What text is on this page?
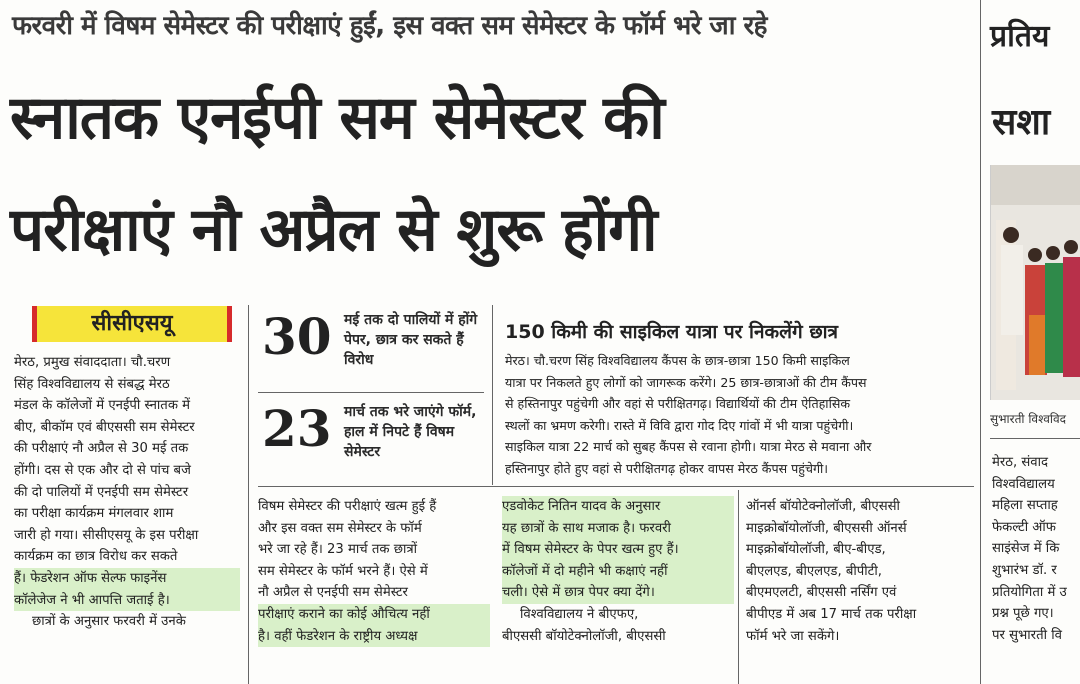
फरवरी में विषम सेमेस्टर की परीक्षाएं हुईं, इस वक्त सम सेमेस्टर के फॉर्म भरे जा रहे
स्नातक एनईपी सम सेमेस्टर की
परीक्षाएं नौ अप्रैल से शुरू होंगी
प्रतिय
सशा
सुभारती विश्वविद
मेरठ, संवाद
विश्वविद्यालय
महिला सप्ताह
फेकल्टी ऑफ
साइंसेज में कि
शुभारंभ डॉ. र
प्रतियोगिता में उ
प्रश्न पूछे गए।
पर सुभारती वि
सीसीएसयू
मेरठ, प्रमुख संवाददाता। चौ.चरण
सिंह विश्वविद्यालय से संबद्ध मेरठ
मंडल के कॉलेजों में एनईपी स्नातक में
बीए, बीकॉम एवं बीएससी सम सेमेस्टर
की परीक्षाएं नौ अप्रैल से 30 मई तक
होंगी। दस से एक और दो से पांच बजे
की दो पालियों में एनईपी सम सेमेस्टर
का परीक्षा कार्यक्रम मंगलवार शाम
जारी हो गया। सीसीएसयू के इस परीक्षा
कार्यक्रम का छात्र विरोध कर सकते
हैं। फेडरेशन ऑफ सेल्फ फाइनेंस
कॉलेजेज ने भी आपत्ति जताई है।
छात्रों के अनुसार फरवरी में उनके
30 मई तक दो पालियों में होंगे पेपर, छात्र कर सकते हैं विरोध
23 मार्च तक भरे जाएंगे फॉर्म, हाल में निपटे हैं विषम सेमेस्टर
150 किमी की साइकिल यात्रा पर निकलेंगे छात्र
मेरठ। चौ.चरण सिंह विश्वविद्यालय कैंपस के छात्र-छात्रा 150 किमी साइकिल
यात्रा पर निकलते हुए लोगों को जागरूक करेंगे। 25 छात्र-छात्राओं की टीम कैंपस
से हस्तिनापुर पहुंचेगी और वहां से परीक्षितगढ़। विद्यार्थियों की टीम ऐतिहासिक
स्थलों का भ्रमण करेगी। रास्ते में विवि द्वारा गोद दिए गांवों में भी यात्रा पहुंचेगी।
साइकिल यात्रा 22 मार्च को सुबह कैंपस से रवाना होगी। यात्रा मेरठ से मवाना और
हस्तिनापुर होते हुए वहां से परीक्षितगढ़ होकर वापस मेरठ कैंपस पहुंचेगी।
विषम सेमेस्टर की परीक्षाएं खत्म हुई हैं
और इस वक्त सम सेमेस्टर के फॉर्म
भरे जा रहे हैं। 23 मार्च तक छात्रों
सम सेमेस्टर के फॉर्म भरने हैं। ऐसे में
नौ अप्रैल से एनईपी सम सेमेस्टर
परीक्षाएं कराने का कोई औचित्य नहीं
है। वहीं फेडरेशन के राष्ट्रीय अध्यक्ष
एडवोकेट नितिन यादव के अनुसार
यह छात्रों के साथ मजाक है। फरवरी
में विषम सेमेस्टर के पेपर खत्म हुए हैं।
कॉलेजों में दो महीने भी कक्षाएं नहीं
चली। ऐसे में छात्र पेपर क्या देंगे।
विश्वविद्यालय ने बीएफए,
बीएससी बॉयोटेक्नोलॉजी, बीएससी
ऑनर्स बॉयोटेक्नोलॉजी, बीएससी
माइक्रोबॉयोलॉजी, बीएससी ऑनर्स
माइक्रोबॉयोलॉजी, बीए-बीएड,
बीएलएड, बीएलएड, बीपीटी,
बीएमएलटी, बीएससी नर्सिंग एवं
बीपीएड में अब 17 मार्च तक परीक्षा
फॉर्म भरे जा सकेंगे।
